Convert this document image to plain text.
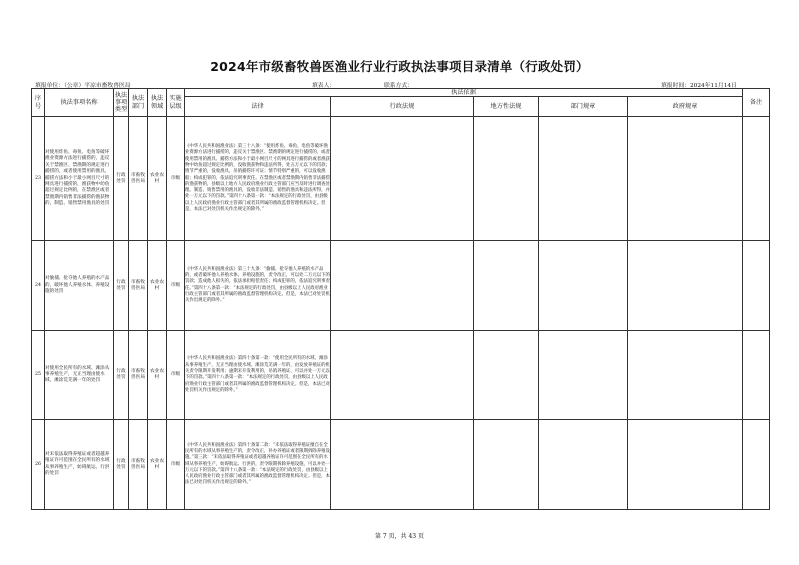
2024年市级畜牧兽医渔业行业行政执法事项目录清单（行政处罚）
填报单位：（公章）平凉市畜牧兽医局	填表人：	联系方式：	填报时间：2024年11月14日
序号	执法事项名称	执法事项类型	执法部门	执法领域	实施层级	执法依据					备注
						法律	行政法规	地方性法规	部门规章	政府规章	
23	对使用炸鱼、毒鱼、电鱼等破坏渔业资源方法进行捕捞的，违反关于禁渔区、禁渔期的规定进行捕捞的，或者使用禁用的渔具、捕捞方法和小于最小网目尺寸的网具进行捕捞的，渔获物中幼鱼超过规定比例的，在禁渔区或者禁渔期内销售非法捕捞的渔获物的，制造、销售禁用渔具的处罚	行政处罚	市畜牧兽医局	农业农村	市级	《中华人民共和国渔业法》第三十八条：“使用炸鱼、毒鱼、电鱼等破坏渔业资源方法进行捕捞的，违反关于禁渔区、禁渔期的规定进行捕捞的，或者使用禁用的渔具、捕捞方法和小于最小网目尺寸的网具进行捕捞的或者渔获物中幼鱼超过规定比例的，没收渔获物和违法所得，处五万元以下的罚款；情节严重的，没收渔具，吊销捕捞许可证；情节特别严重的，可以没收渔船；构成犯罪的，依法追究刑事责任。在禁渔区或者禁渔期内销售非法捕捞的渔获物的，县级以上地方人民政府渔业行政主管部门应当及时进行调查处理。制造、销售禁用的渔具的，没收非法制造、销售的渔具和违法所得，并处一万元以下的罚款。”第四十八条第一款：“本法规定的行政处罚，由县级以上人民政府渔业行政主管部门或者其所属的渔政监督管理机构决定。但是，本法已对处罚机关作出规定的除外。”					
24	对偷捕、抢夺他人养殖的水产品的，破坏他人养殖水体、养殖设施的处罚	行政处罚	市畜牧兽医局	农业农村	市级	《中华人民共和国渔业法》第三十九条：“偷捕、抢夺他人养殖的水产品的，或者破坏他人养殖水体、养殖设施的，责令改正，可以处二万元以下的罚款；造成他人损失的，依法承担赔偿责任；构成犯罪的，依法追究刑事责任。”第四十八条第一款：“本法规定的行政处罚，由县级以上人民政府渔业行政主管部门或者其所属的渔政监督管理机构决定。但是，本法已对处罚机关作出规定的除外。”					
25	对使用全民所有的水域、滩涂从事养殖生产，无正当理由使水域、滩涂荒芜满一年的处罚	行政处罚	市畜牧兽医局	农业农村	市级	《中华人民共和国渔业法》第四十条第一款：“使用全民所有的水域、滩涂从事养殖生产，无正当理由使水域、滩涂荒芜满一年的，由发放养殖证的机关责令限期开发利用；逾期未开发利用的，吊销养殖证，可以并处一万元以下的罚款。”第四十八条第一款：“本法规定的行政处罚，由县级以上人民政府渔业行政主管部门或者其所属的渔政监督管理机构决定。但是，本法已对处罚机关作出规定的除外。”					
26	对未依法取得养殖证或者超越养殖证许可范围在全民所有的水域从事养殖生产，妨碍航运、行洪的处罚	行政处罚	市畜牧兽医局	农业农村	市级	《中华人民共和国渔业法》第四十条第二款：“未依法取得养殖证擅自在全民所有的水域从事养殖生产的，责令改正，补办养殖证或者限期拆除养殖设施。”第三款：“未依法取得养殖证或者超越养殖证许可范围在全民所有的水域从事养殖生产，妨碍航运、行洪的，责令限期拆除养殖设施，可以并处一万元以下的罚款。”第四十八条第一款：“本法规定的行政处罚，由县级以上人民政府渔业行政主管部门或者其所属的渔政监督管理机构决定。但是，本法已对处罚机关作出规定的除外。”					
第 7 页，共 43 页
